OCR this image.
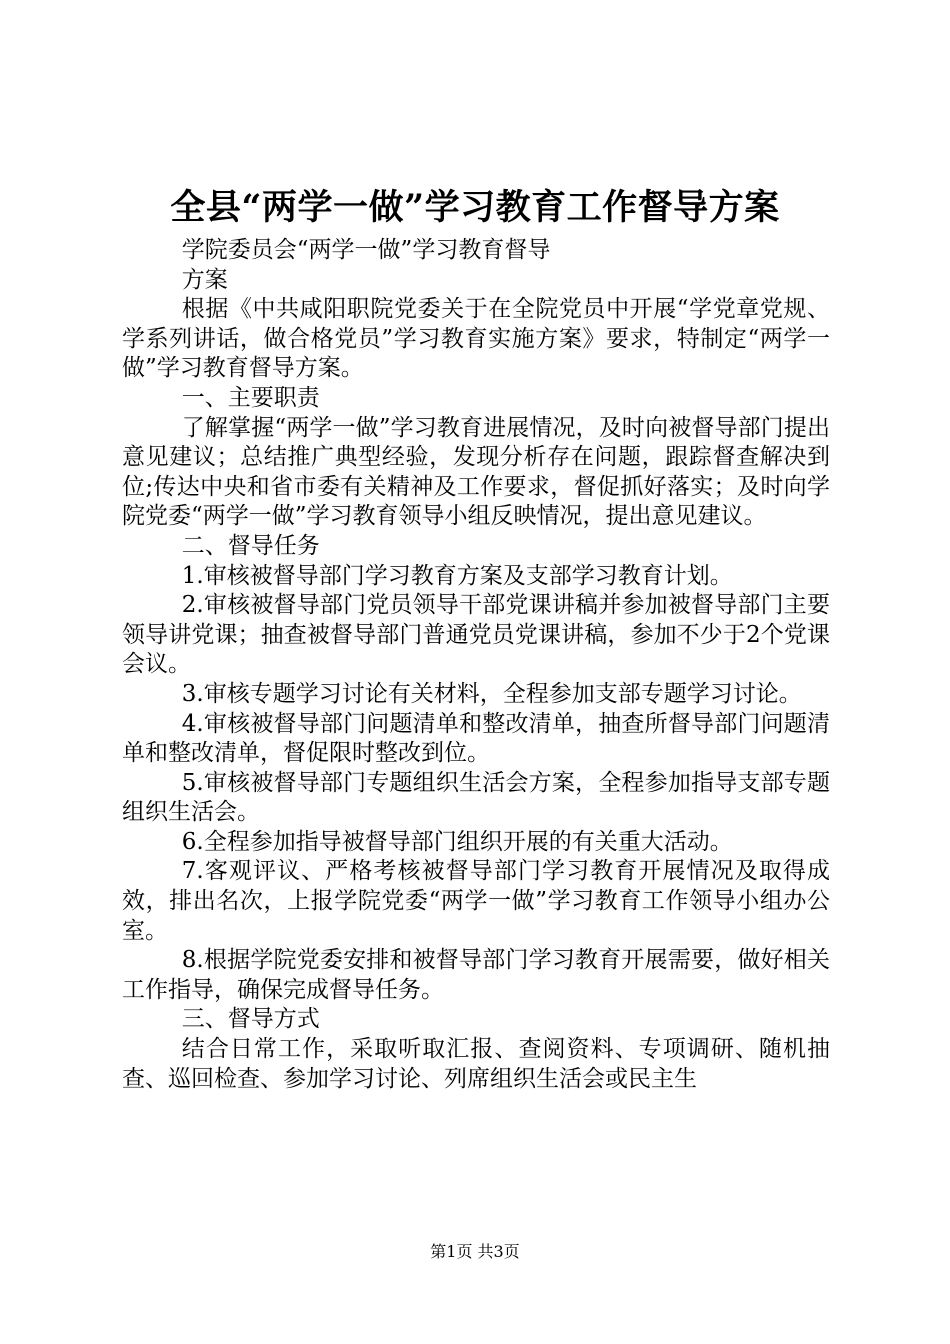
全县“两学一做”学习教育工作督导方案

学院委员会“两学一做”学习教育督导

方案

根据《中共咸阳职院党委关于在全院党员中开展“学党章党规、学系列讲话，做合格党员”学习教育实施方案》要求，特制定“两学一做”学习教育督导方案。

一、主要职责

了解掌握“两学一做”学习教育进展情况，及时向被督导部门提出意见建议；总结推广典型经验，发现分析存在问题，跟踪督查解决到位;传达中央和省市委有关精神及工作要求，督促抓好落实；及时向学院党委“两学一做”学习教育领导小组反映情况，提出意见建议。

二、督导任务

1.审核被督导部门学习教育方案及支部学习教育计划。

2.审核被督导部门党员领导干部党课讲稿并参加被督导部门主要领导讲党课；抽查被督导部门普通党员党课讲稿，参加不少于2个党课会议。

3.审核专题学习讨论有关材料，全程参加支部专题学习讨论。

4.审核被督导部门问题清单和整改清单，抽查所督导部门问题清单和整改清单，督促限时整改到位。

5.审核被督导部门专题组织生活会方案，全程参加指导支部专题组织生活会。

6.全程参加指导被督导部门组织开展的有关重大活动。

7.客观评议、严格考核被督导部门学习教育开展情况及取得成效，排出名次，上报学院党委“两学一做”学习教育工作领导小组办公室。

8.根据学院党委安排和被督导部门学习教育开展需要，做好相关工作指导，确保完成督导任务。

三、督导方式

结合日常工作，采取听取汇报、查阅资料、专项调研、随机抽查、巡回检查、参加学习讨论、列席组织生活会或民主生

第1页 共3页
